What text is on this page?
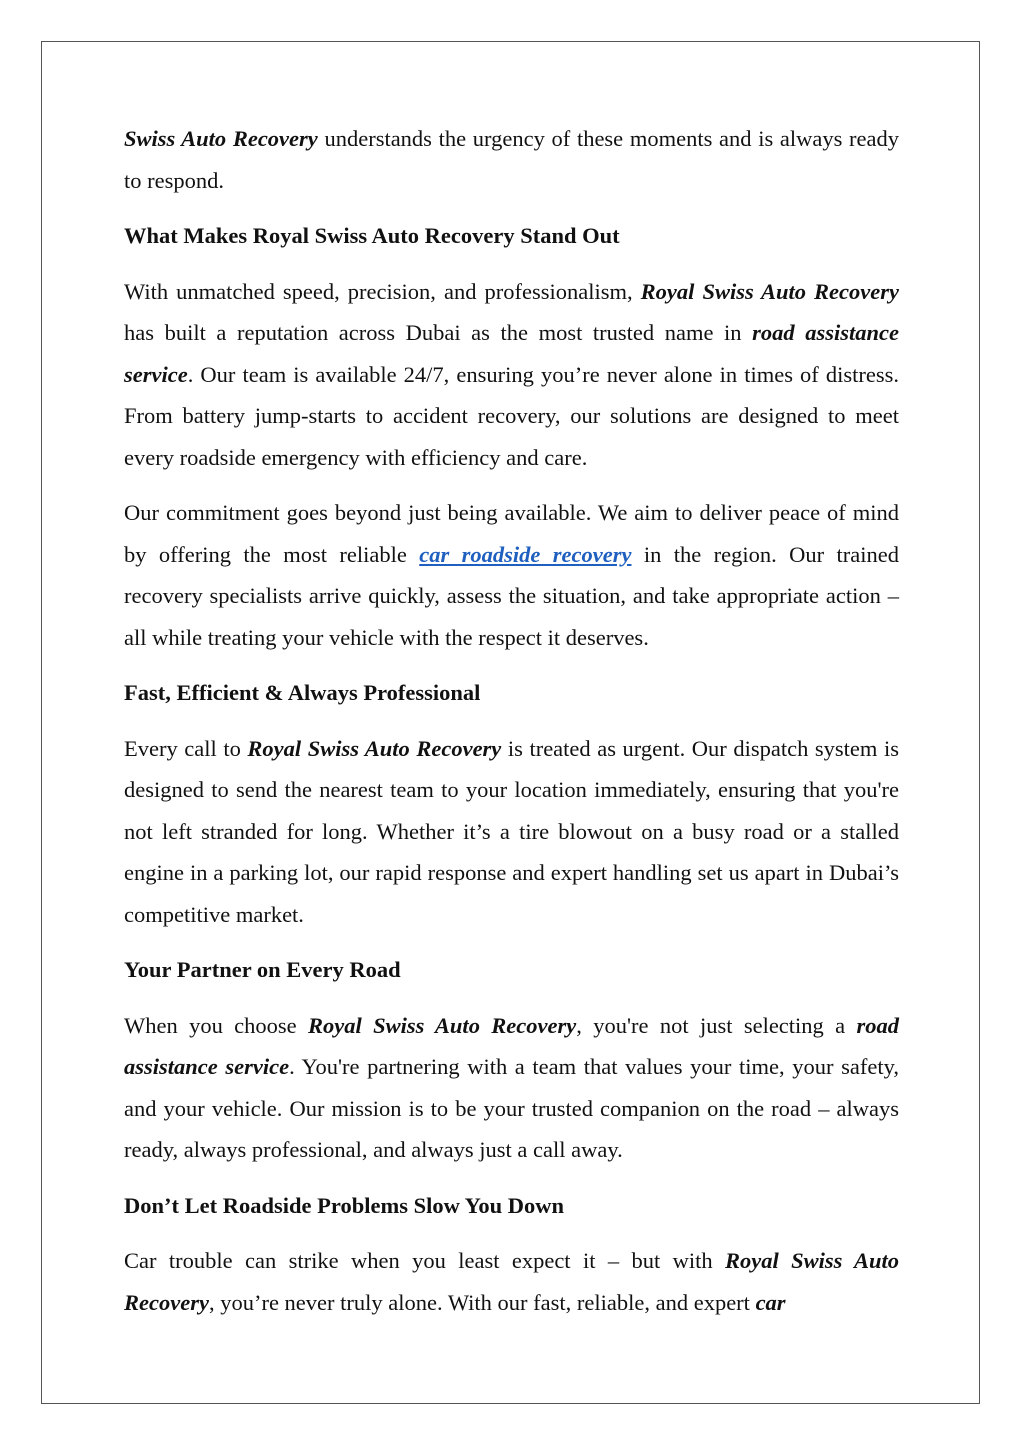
Swiss Auto Recovery understands the urgency of these moments and is always ready to respond.

What Makes Royal Swiss Auto Recovery Stand Out

With unmatched speed, precision, and professionalism, Royal Swiss Auto Recovery has built a reputation across Dubai as the most trusted name in road assistance service. Our team is available 24/7, ensuring you’re never alone in times of distress. From battery jump-starts to accident recovery, our solutions are designed to meet every roadside emergency with efficiency and care.

Our commitment goes beyond just being available. We aim to deliver peace of mind by offering the most reliable car roadside recovery in the region. Our trained recovery specialists arrive quickly, assess the situation, and take appropriate action – all while treating your vehicle with the respect it deserves.

Fast, Efficient & Always Professional

Every call to Royal Swiss Auto Recovery is treated as urgent. Our dispatch system is designed to send the nearest team to your location immediately, ensuring that you're not left stranded for long. Whether it’s a tire blowout on a busy road or a stalled engine in a parking lot, our rapid response and expert handling set us apart in Dubai’s competitive market.

Your Partner on Every Road

When you choose Royal Swiss Auto Recovery, you're not just selecting a road assistance service. You're partnering with a team that values your time, your safety, and your vehicle. Our mission is to be your trusted companion on the road – always ready, always professional, and always just a call away.

Don’t Let Roadside Problems Slow You Down

Car trouble can strike when you least expect it – but with Royal Swiss Auto Recovery, you’re never truly alone. With our fast, reliable, and expert car
